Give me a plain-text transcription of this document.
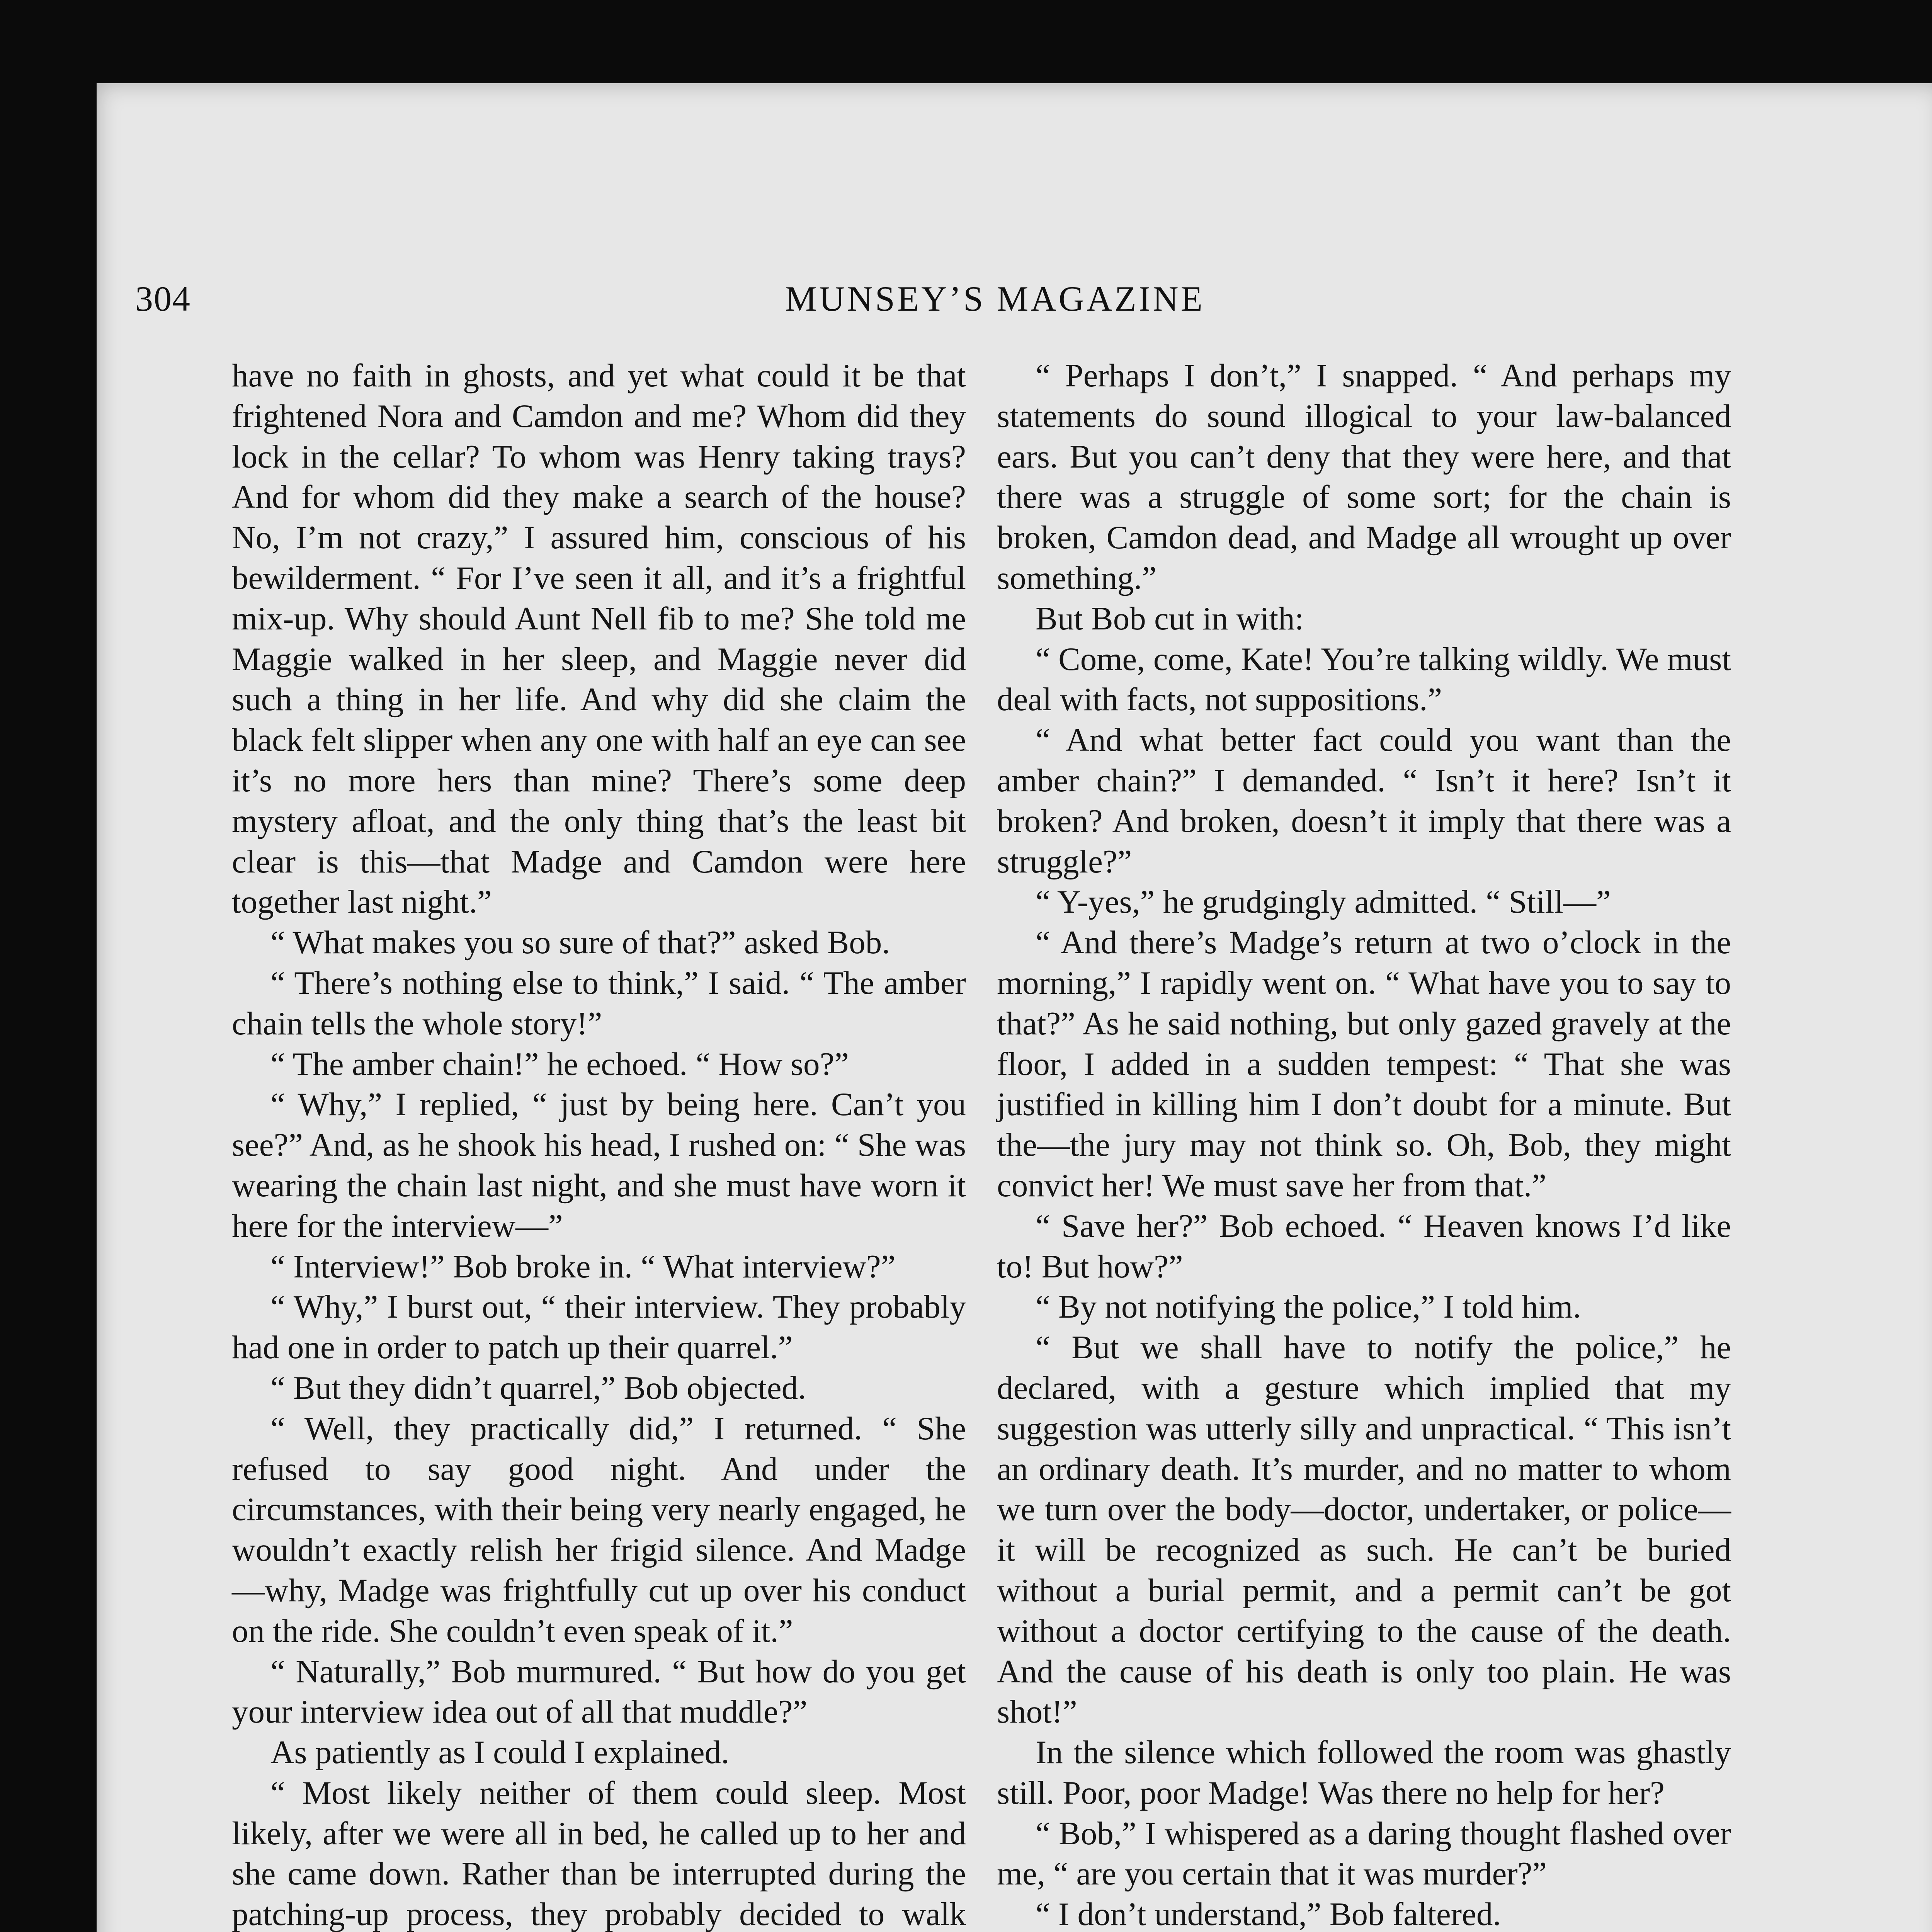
304	MUNSEY’S MAGAZINE

have no faith in ghosts, and yet what could it be that frightened Nora and Camdon and me? Whom did they lock in the cellar? To whom was Henry taking trays? And for whom did they make a search of the house? No, I’m not crazy,” I assured him, conscious of his bewilderment. “ For I’ve seen it all, and it’s a frightful mix-up. Why should Aunt Nell fib to me? She told me Maggie walked in her sleep, and Maggie never did such a thing in her life. And why did she claim the black felt slipper when any one with half an eye can see it’s no more hers than mine? There’s some deep mystery afloat, and the only thing that’s the least bit clear is this—that Madge and Camdon were here together last night.”

“ What makes you so sure of that?” asked Bob.

“ There’s nothing else to think,” I said. “ The amber chain tells the whole story!”

“ The amber chain!” he echoed. “ How so?”

“ Why,” I replied, “ just by being here. Can’t you see?” And, as he shook his head, I rushed on: “ She was wearing the chain last night, and she must have worn it here for the interview—”

“ Interview!” Bob broke in. “ What interview?”

“ Why,” I burst out, “ their interview. They probably had one in order to patch up their quarrel.”

“ But they didn’t quarrel,” Bob objected.

“ Well, they practically did,” I returned. “ She refused to say good night. And under the circumstances, with their being very nearly engaged, he wouldn’t exactly relish her frigid silence. And Madge—why, Madge was frightfully cut up over his conduct on the ride. She couldn’t even speak of it.”

“ Naturally,” Bob murmured. “ But how do you get your interview idea out of all that muddle?”

As patiently as I could I explained.

“ Most likely neither of them could sleep. Most likely, after we were all in bed, he called up to her and she came down. Rather than be interrupted during the patching-up process, they probably decided to walk

“ Perhaps I don’t,” I snapped. “ And perhaps my statements do sound illogical to your law-balanced ears. But you can’t deny that they were here, and that there was a struggle of some sort; for the chain is broken, Camdon dead, and Madge all wrought up over something.”

But Bob cut in with:

“ Come, come, Kate! You’re talking wildly. We must deal with facts, not suppositions.”

“ And what better fact could you want than the amber chain?” I demanded. “ Isn’t it here? Isn’t it broken? And broken, doesn’t it imply that there was a struggle?”

“ Y-yes,” he grudgingly admitted. “ Still—”

“ And there’s Madge’s return at two o’clock in the morning,” I rapidly went on. “ What have you to say to that?” As he said nothing, but only gazed gravely at the floor, I added in a sudden tempest: “ That she was justified in killing him I don’t doubt for a minute. But the—the jury may not think so. Oh, Bob, they might convict her! We must save her from that.”

“ Save her?” Bob echoed. “ Heaven knows I’d like to! But how?”

“ By not notifying the police,” I told him.

“ But we shall have to notify the police,” he declared, with a gesture which implied that my suggestion was utterly silly and unpractical. “ This isn’t an ordinary death. It’s murder, and no matter to whom we turn over the body—doctor, undertaker, or police—it will be recognized as such. He can’t be buried without a burial permit, and a permit can’t be got without a doctor certifying to the cause of the death. And the cause of his death is only too plain. He was shot!”

In the silence which followed the room was ghastly still. Poor, poor Madge! Was there no help for her?

“ Bob,” I whispered as a daring thought flashed over me, “ are you certain that it was murder?”

“ I don’t understand,” Bob faltered.
